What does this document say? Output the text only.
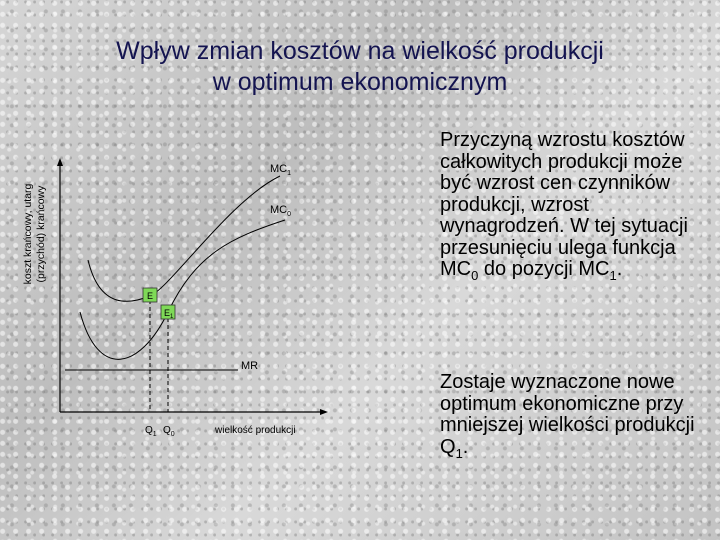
Wpływ zmian kosztów na wielkość produkcji
w optimum ekonomicznym
koszt krańcowy, utarg (przychód) krańcowy
MR
$MC_1$
$MC_0$
E
$E_1$
$Q_1$ $Q_0$	wielkość produkcji
Przyczyną wzrostu kosztów całkowitych produkcji może być wzrost cen czynników produkcji, wzrost wynagrodzeń. W tej sytuacji przesunięciu ulega funkcja $MC_0$ do pozycji $MC_1$.
Zostaje wyznaczone nowe optimum ekonomiczne przy mniejszej wielkości produkcji $Q_1$.
